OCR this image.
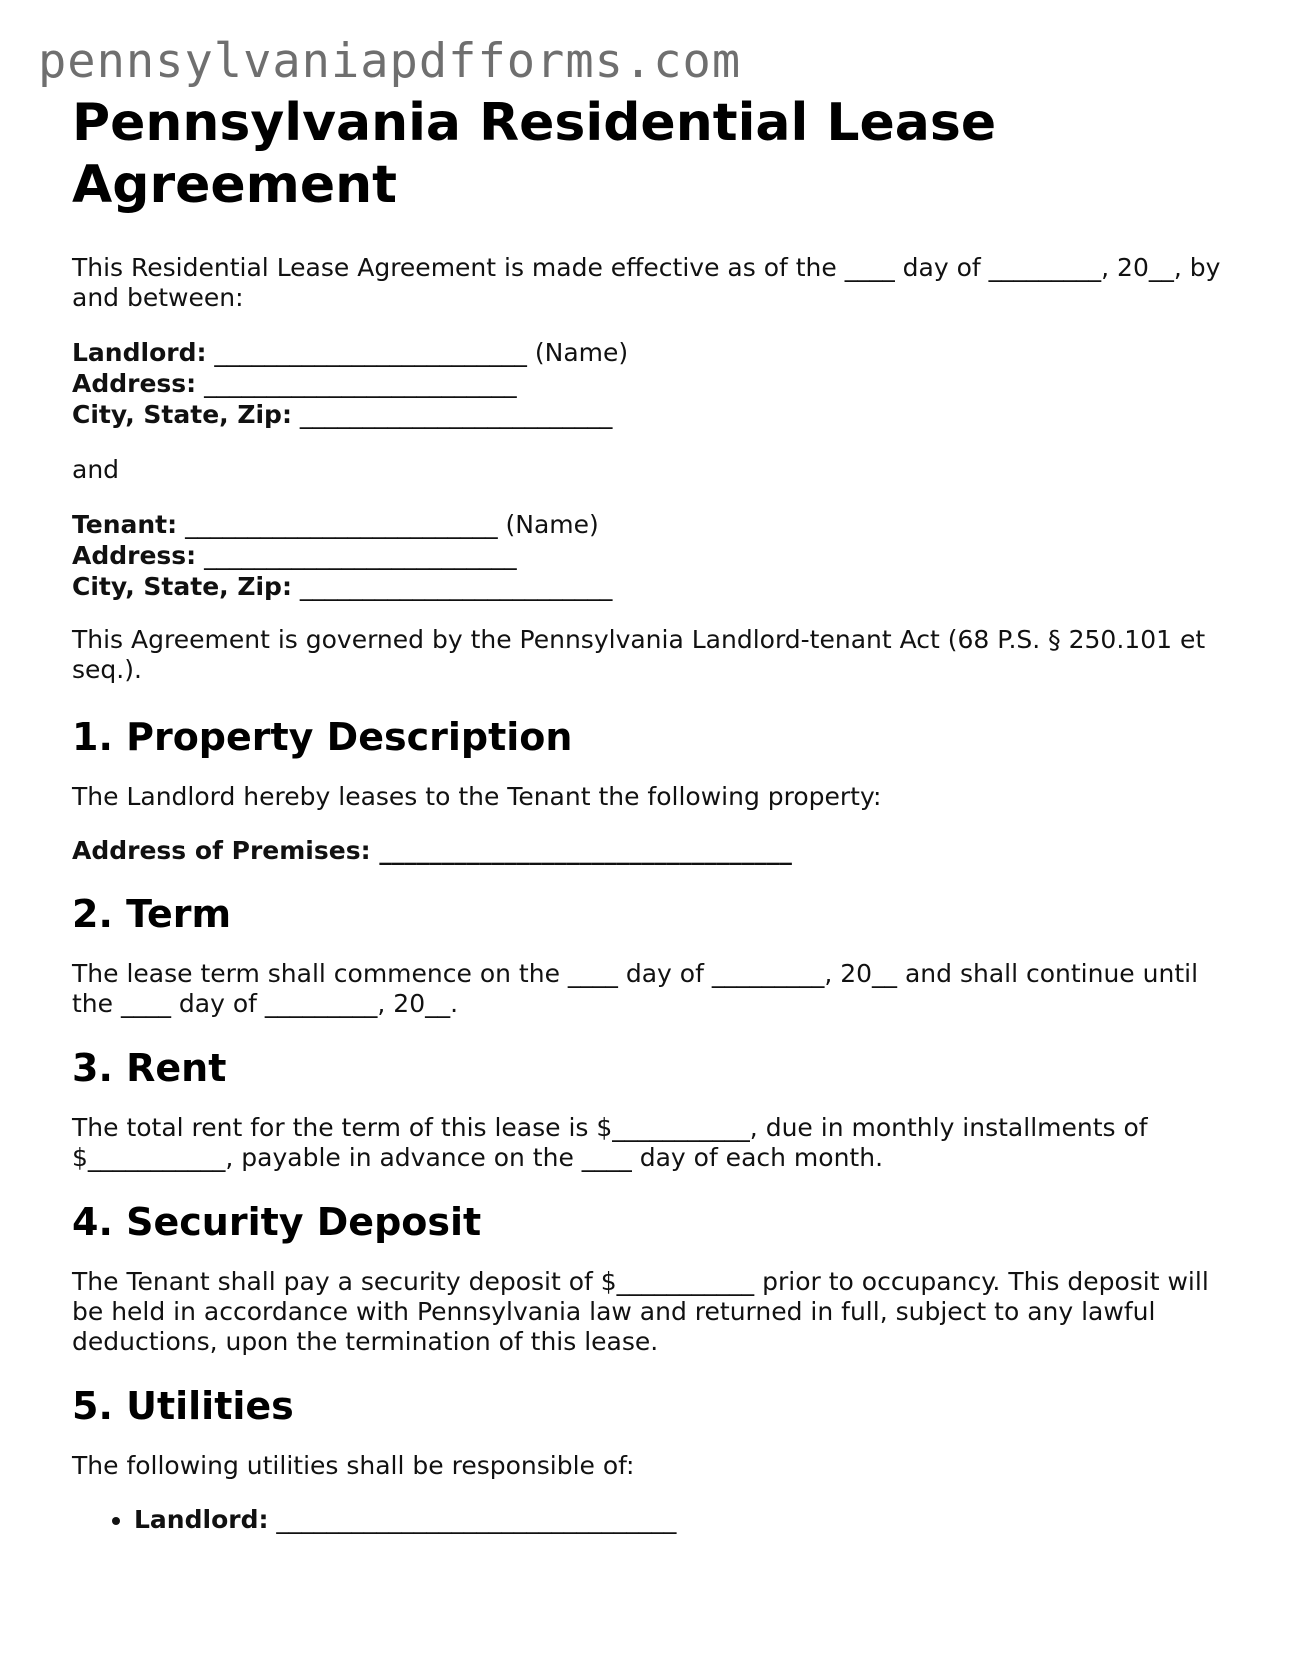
pennsylvaniapdfforms.com
Pennsylvania Residential Lease Agreement

This Residential Lease Agreement is made effective as of the ____ day of _________, 20__, by and between:

Landlord: _________________________ (Name)
Address: _________________________
City, State, Zip: _________________________

and

Tenant: _________________________ (Name)
Address: _________________________
City, State, Zip: _________________________

This Agreement is governed by the Pennsylvania Landlord-tenant Act (68 P.S. § 250.101 et seq.).

1. Property Description

The Landlord hereby leases to the Tenant the following property:

Address of Premises: _________________________________
2. Term

The lease term shall commence on the ____ day of _________, 20__ and shall continue until the ____ day of _________, 20__.

3. Rent

The total rent for the term of this lease is $___________, due in monthly installments of $___________, payable in advance on the ____ day of each month.

4. Security Deposit

The Tenant shall pay a security deposit of $___________ prior to occupancy. This deposit will be held in accordance with Pennsylvania law and returned in full, subject to any lawful deductions, upon the termination of this lease.

5. Utilities

The following utilities shall be responsible of:

• Landlord: ________________________________
